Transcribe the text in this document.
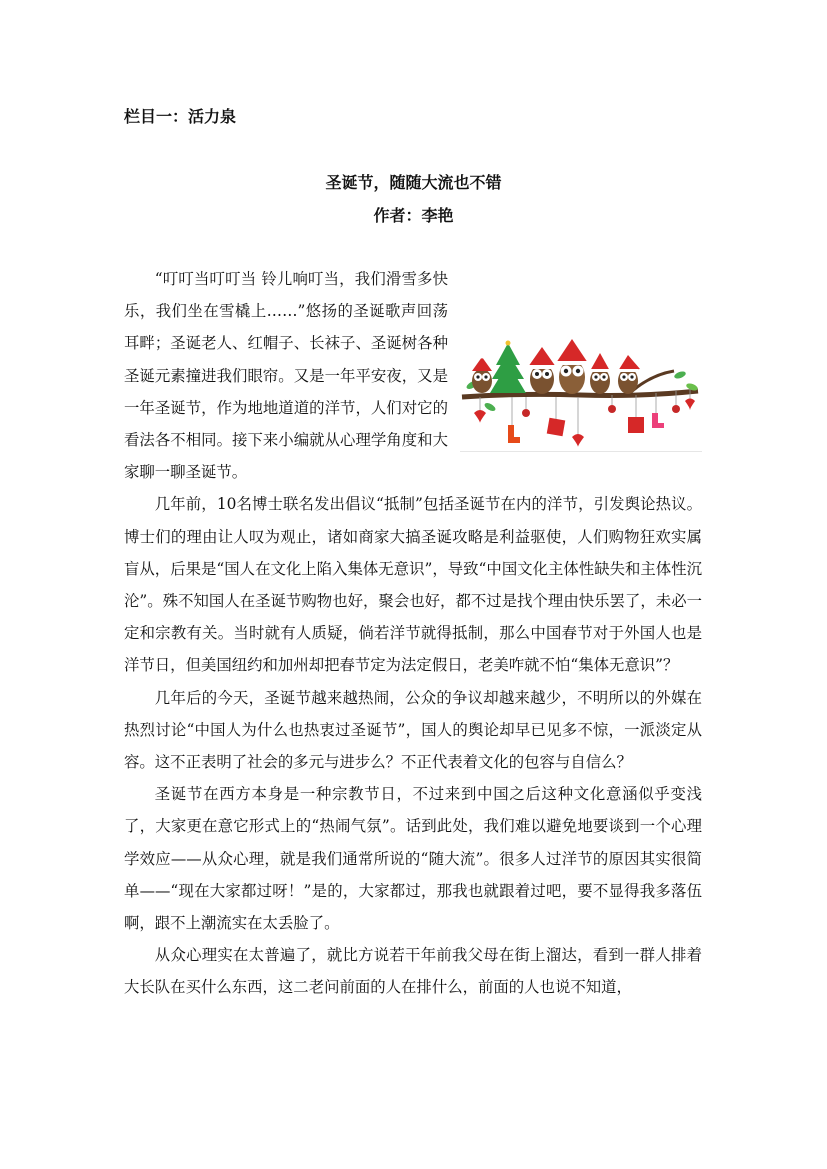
栏目一：活力泉

圣诞节，随随大流也不错

作者：李艳

“叮叮当叮叮当 铃儿响叮当，我们滑雪多快乐，我们坐在雪橇上……”悠扬的圣诞歌声回荡耳畔；圣诞老人、红帽子、长袜子、圣诞树各种圣诞元素撞进我们眼帘。又是一年平安夜，又是一年圣诞节，作为地地道道的洋节，人们对它的看法各不相同。接下来小编就从心理学角度和大家聊一聊圣诞节。

几年前，10名博士联名发出倡议“抵制”包括圣诞节在内的洋节，引发舆论热议。博士们的理由让人叹为观止，诸如商家大搞圣诞攻略是利益驱使，人们购物狂欢实属盲从，后果是“国人在文化上陷入集体无意识”，导致“中国文化主体性缺失和主体性沉沦”。殊不知国人在圣诞节购物也好，聚会也好，都不过是找个理由快乐罢了，未必一定和宗教有关。当时就有人质疑，倘若洋节就得抵制，那么中国春节对于外国人也是洋节日，但美国纽约和加州却把春节定为法定假日，老美咋就不怕“集体无意识”？

几年后的今天，圣诞节越来越热闹，公众的争议却越来越少，不明所以的外媒在热烈讨论“中国人为什么也热衷过圣诞节”，国人的舆论却早已见多不惊，一派淡定从容。这不正表明了社会的多元与进步么？不正代表着文化的包容与自信么？

圣诞节在西方本身是一种宗教节日，不过来到中国之后这种文化意涵似乎变浅了，大家更在意它形式上的“热闹气氛”。话到此处，我们难以避免地要谈到一个心理学效应——从众心理，就是我们通常所说的“随大流”。很多人过洋节的原因其实很简单——“现在大家都过呀！”是的，大家都过，那我也就跟着过吧，要不显得我多落伍啊，跟不上潮流实在太丢脸了。

从众心理实在太普遍了，就比方说若干年前我父母在街上溜达，看到一群人排着大长队在买什么东西，这二老问前面的人在排什么，前面的人也说不知道，
